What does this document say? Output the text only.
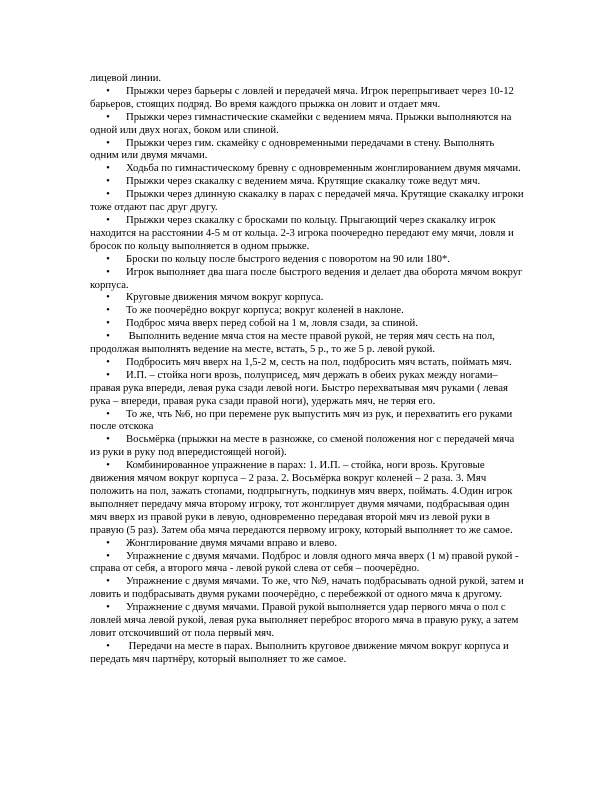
лицевой линии.

• Прыжки через барьеры с ловлей и передачей мяча. Игрок перепрыгивает через 10-12 барьеров, стоящих подряд. Во время каждого прыжка он ловит и отдает мяч.

• Прыжки через гимнастические скамейки с ведением мяча. Прыжки выполняются на одной или двух ногах, боком или спиной.

• Прыжки через гим. скамейку с одновременными передачами в стену. Выполнять одним или двумя мячами.

• Ходьба по гимнастическому бревну с одновременным жонглированием двумя мячами.

• Прыжки через скакалку с ведением мяча. Крутящие скакалку тоже ведут мяч.

• Прыжки через длинную скакалку в парах с передачей мяча. Крутящие скакалку игроки тоже отдают пас друг другу.

• Прыжки через скакалку с бросками по кольцу. Прыгающий через скакалку игрок находится на расстоянии 4-5 м от кольца. 2-3 игрока поочередно передают ему мячи, ловля и бросок по кольцу выполняется в одном прыжке.

• Броски по кольцу после быстрого ведения с поворотом на 90 или 180*.

• Игрок выполняет два шага после быстрого ведения и делает два оборота мячом вокруг корпуса.

• Круговые движения мячом вокруг корпуса.

• То же поочерёдно вокруг корпуса; вокруг коленей в наклоне.

• Подброс мяча вверх перед собой на 1 м, ловля сзади, за спиной.

• Выполнить ведение мяча стоя на месте правой рукой, не теряя мяч сесть на пол, продолжая выполнять ведение на месте, встать, 5 р., то же 5 р. левой рукой.

• Подбросить мяч вверх на 1,5-2 м, сесть на пол, подбросить мяч встать, поймать мяч.

• И.П. – стойка ноги врозь, полуприсед, мяч держать в обеих руках между ногами– правая рука впереди, левая рука сзади левой ноги. Быстро перехватывая мяч руками ( левая рука – впереди, правая рука сзади правой ноги), удержать мяч, не теряя его.

• То же, чть №6, но при перемене рук выпустить мяч из рук, и перехватить его руками после отскока

• Восьмёрка (прыжки на месте в разножке, со сменой положения ног с передачей мяча из руки в руку под впередистоящей ногой).

• Комбинированное упражнение в парах: 1. И.П. – стойка, ноги врозь. Круговые движения мячом вокруг корпуса – 2 раза. 2. Восьмёрка вокруг коленей – 2 раза. 3. Мяч положить на пол, зажать стопами, подпрыгнуть, подкинув мяч вверх, поймать. 4.Один игрок выполняет передачу мяча второму игроку, тот жонглирует двумя мячами, подбрасывая один мяч вверх из правой руки в левую, одновременно передавая второй мяч из левой руки в правую (5 раз). Затем оба мяча передаются первому игроку, который выполняет то же самое.

• Жонглирование двумя мячами вправо и влево.

• Упражнение с двумя мячами. Подброс и ловля одного мяча вверх (1 м) правой рукой - справа от себя, а второго мяча - левой рукой слева от себя – поочерёдно.

• Упражнение с двумя мячами. То же, что №9, начать подбрасывать одной рукой, затем и ловить и подбрасывать двумя руками поочерёдно, с перебежкой от одного мяча к другому.

• Упражнение с двумя мячами. Правой рукой выполняется удар первого мяча о пол с ловлей мяча левой рукой, левая рука выполняет переброс второго мяча в правую руку, а затем ловит отскочивший от пола первый мяч.

• Передачи на месте в парах. Выполнить круговое движение мячом вокруг корпуса и передать мяч партнёру, который выполняет то же самое.
